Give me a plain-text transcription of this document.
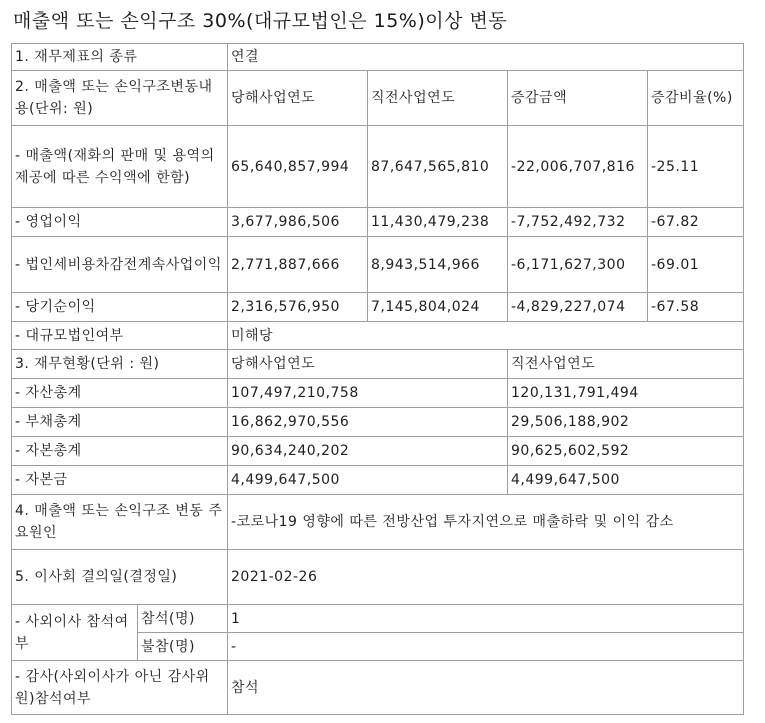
매출액 또는 손익구조 30%(대규모법인은 15%)이상 변동
1. 재무제표의 종류		연결			
2. 매출액 또는 손익구조변동내용(단위: 원)		당해사업연도	직전사업연도	증감금액	증감비율(%)
- 매출액(재화의 판매 및 용역의 제공에 따른 수익액에 한함)		65,640,857,994	87,647,565,810	-22,006,707,816	-25.11
- 영업이익		3,677,986,506	11,430,479,238	-7,752,492,732	-67.82
- 법인세비용차감전계속사업이익		2,771,887,666	8,943,514,966	-6,171,627,300	-69.01
- 당기순이익		2,316,576,950	7,145,804,024	-4,829,227,074	-67.58
- 대규모법인여부		미해당			
3. 재무현황(단위 : 원)		당해사업연도		직전사업연도	
- 자산총계		107,497,210,758		120,131,791,494	
- 부채총계		16,862,970,556		29,506,188,902	
- 자본총계		90,634,240,202		90,625,602,592	
- 자본금		4,499,647,500		4,499,647,500	
4. 매출액 또는 손익구조 변동 주요원인		-코로나19 영향에 따른 전방산업 투자지연으로 매출하락 및 이익 감소			
5. 이사회 결의일(결정일)		2021-02-26			
- 사외이사 참석여부	참석(명)	1			
	불참(명)	-			
- 감사(사외이사가 아닌 감사위원)참석여부		참석			
